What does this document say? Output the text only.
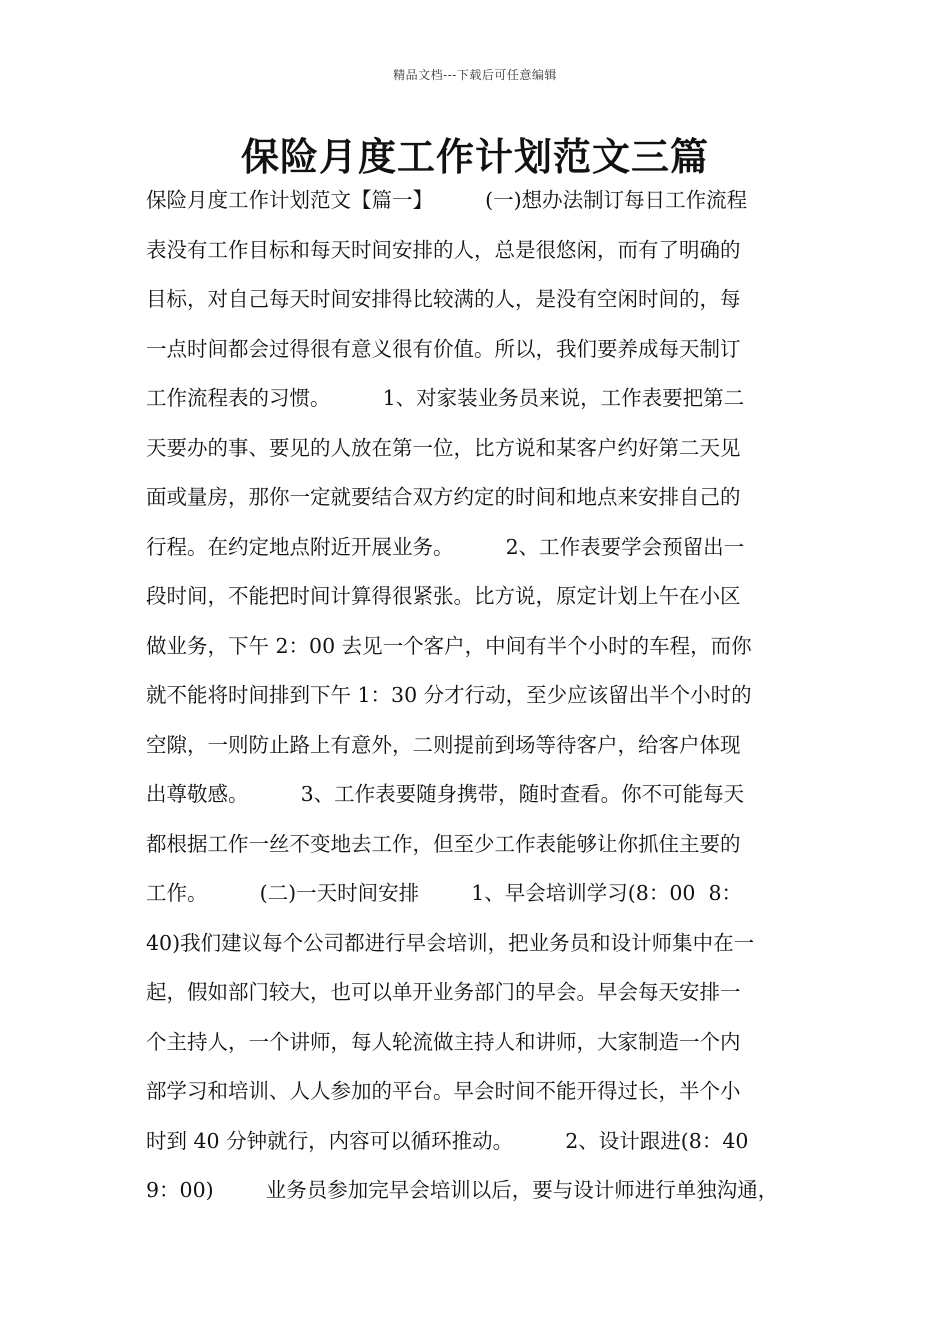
精品文档---下载后可任意编辑
保险月度工作计划范文三篇
保险月度工作计划范文【篇一】        (一)想办法制订每日工作流程
表没有工作目标和每天时间安排的人，总是很悠闲，而有了明确的
目标，对自己每天时间安排得比较满的人，是没有空闲时间的，每
一点时间都会过得很有意义很有价值。所以，我们要养成每天制订
工作流程表的习惯。        1、对家装业务员来说，工作表要把第二
天要办的事、要见的人放在第一位，比方说和某客户约好第二天见
面或量房，那你一定就要结合双方约定的时间和地点来安排自己的
行程。在约定地点附近开展业务。        2、工作表要学会预留出一
段时间，不能把时间计算得很紧张。比方说，原定计划上午在小区
做业务，下午 2：00 去见一个客户，中间有半个小时的车程，而你
就不能将时间排到下午 1：30 分才行动，至少应该留出半个小时的
空隙，一则防止路上有意外，二则提前到场等待客户，给客户体现
出尊敬感。        3、工作表要随身携带，随时查看。你不可能每天
都根据工作一丝不变地去工作，但至少工作表能够让你抓住主要的
工作。        (二)一天时间安排        1、早会培训学习(8：00  8：
40)我们建议每个公司都进行早会培训，把业务员和设计师集中在一
起，假如部门较大，也可以单开业务部门的早会。早会每天安排一
个主持人，一个讲师，每人轮流做主持人和讲师，大家制造一个内
部学习和培训、人人参加的平台。早会时间不能开得过长，半个小
时到 40 分钟就行，内容可以循环推动。        2、设计跟进(8：40
9：00)        业务员参加完早会培训以后，要与设计师进行单独沟通，
